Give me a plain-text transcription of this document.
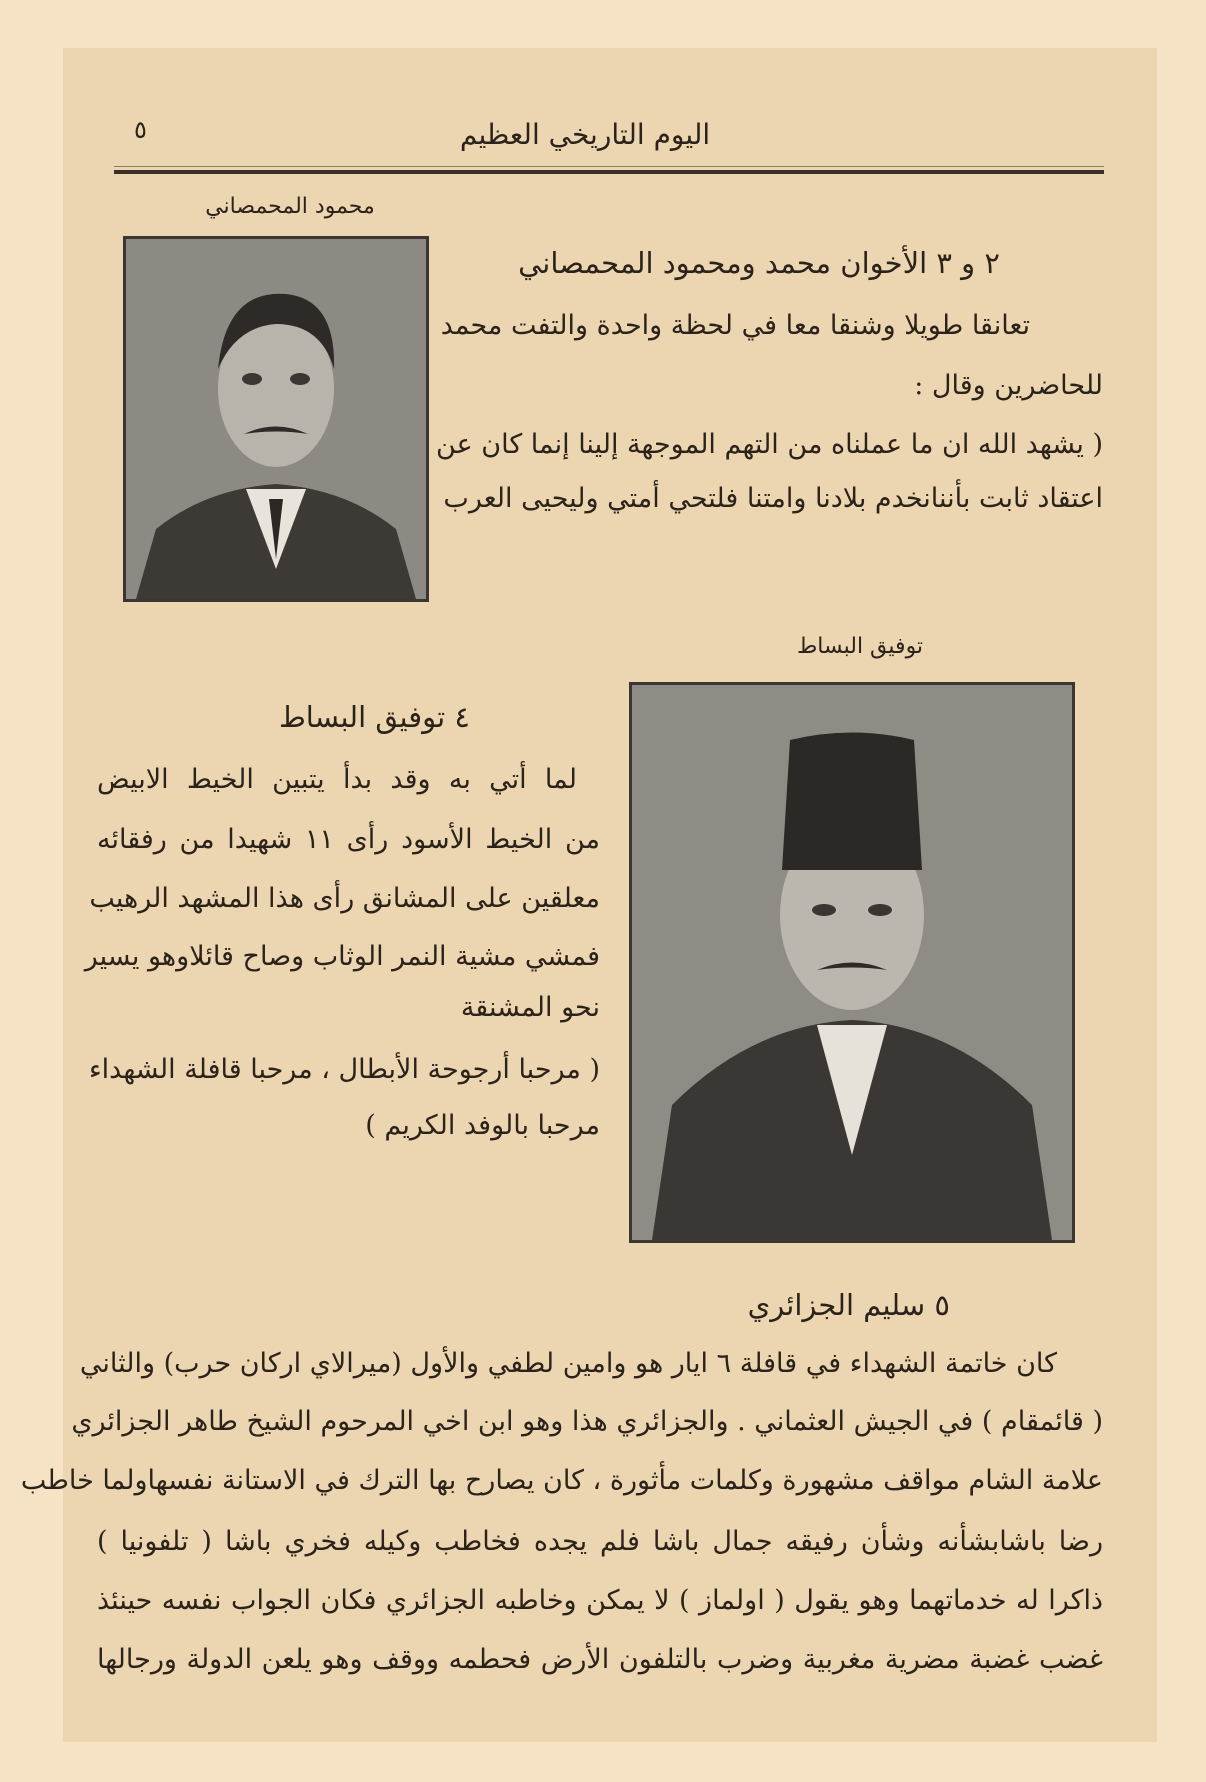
٥	اليوم التاريخي العظيم
محمود المحمصاني
٢ و ٣ الأخوان محمد ومحمود المحمصاني
تعانقا طويلا وشنقا معا في لحظة واحدة والتفت محمد
للحاضرين وقال :
( يشهد الله ان ما عملناه من التهم الموجهة إلينا إنما كان عن
اعتقاد ثابت بأننانخدم بلادنا وامتنا فلتحي أمتي وليحيى العرب
توفيق البساط
٤ توفيق البساط
لما أتي به وقد بدأ يتبين الخيط الابيض
من الخيط الأسود رأى ١١ شهيدا من رفقائه
معلقين على المشانق رأى هذا المشهد الرهيب
فمشي مشية النمر الوثاب وصاح قائلاوهو يسير
نحو المشنقة
( مرحبا أرجوحة الأبطال ، مرحبا قافلة الشهداء
مرحبا بالوفد الكريم )
٥ سليم الجزائري
كان خاتمة الشهداء في قافلة ٦ ايار هو وامين لطفي والأول (ميرالاي اركان حرب) والثاني
( قائمقام ) في الجيش العثماني . والجزائري هذا وهو ابن اخي المرحوم الشيخ طاهر الجزائري
علامة الشام مواقف مشهورة وكلمات مأثورة ، كان يصارح بها الترك في الاستانة نفسهاولما خاطب
رضا باشابشأنه وشأن رفيقه جمال باشا فلم يجده فخاطب وكيله فخري باشا ( تلفونيا )
ذاكرا له خدماتهما وهو يقول ( اولماز ) لا يمكن وخاطبه الجزائري فكان الجواب نفسه حينئذ
غضب غضبة مضرية مغربية وضرب بالتلفون الأرض فحطمه ووقف وهو يلعن الدولة ورجالها
